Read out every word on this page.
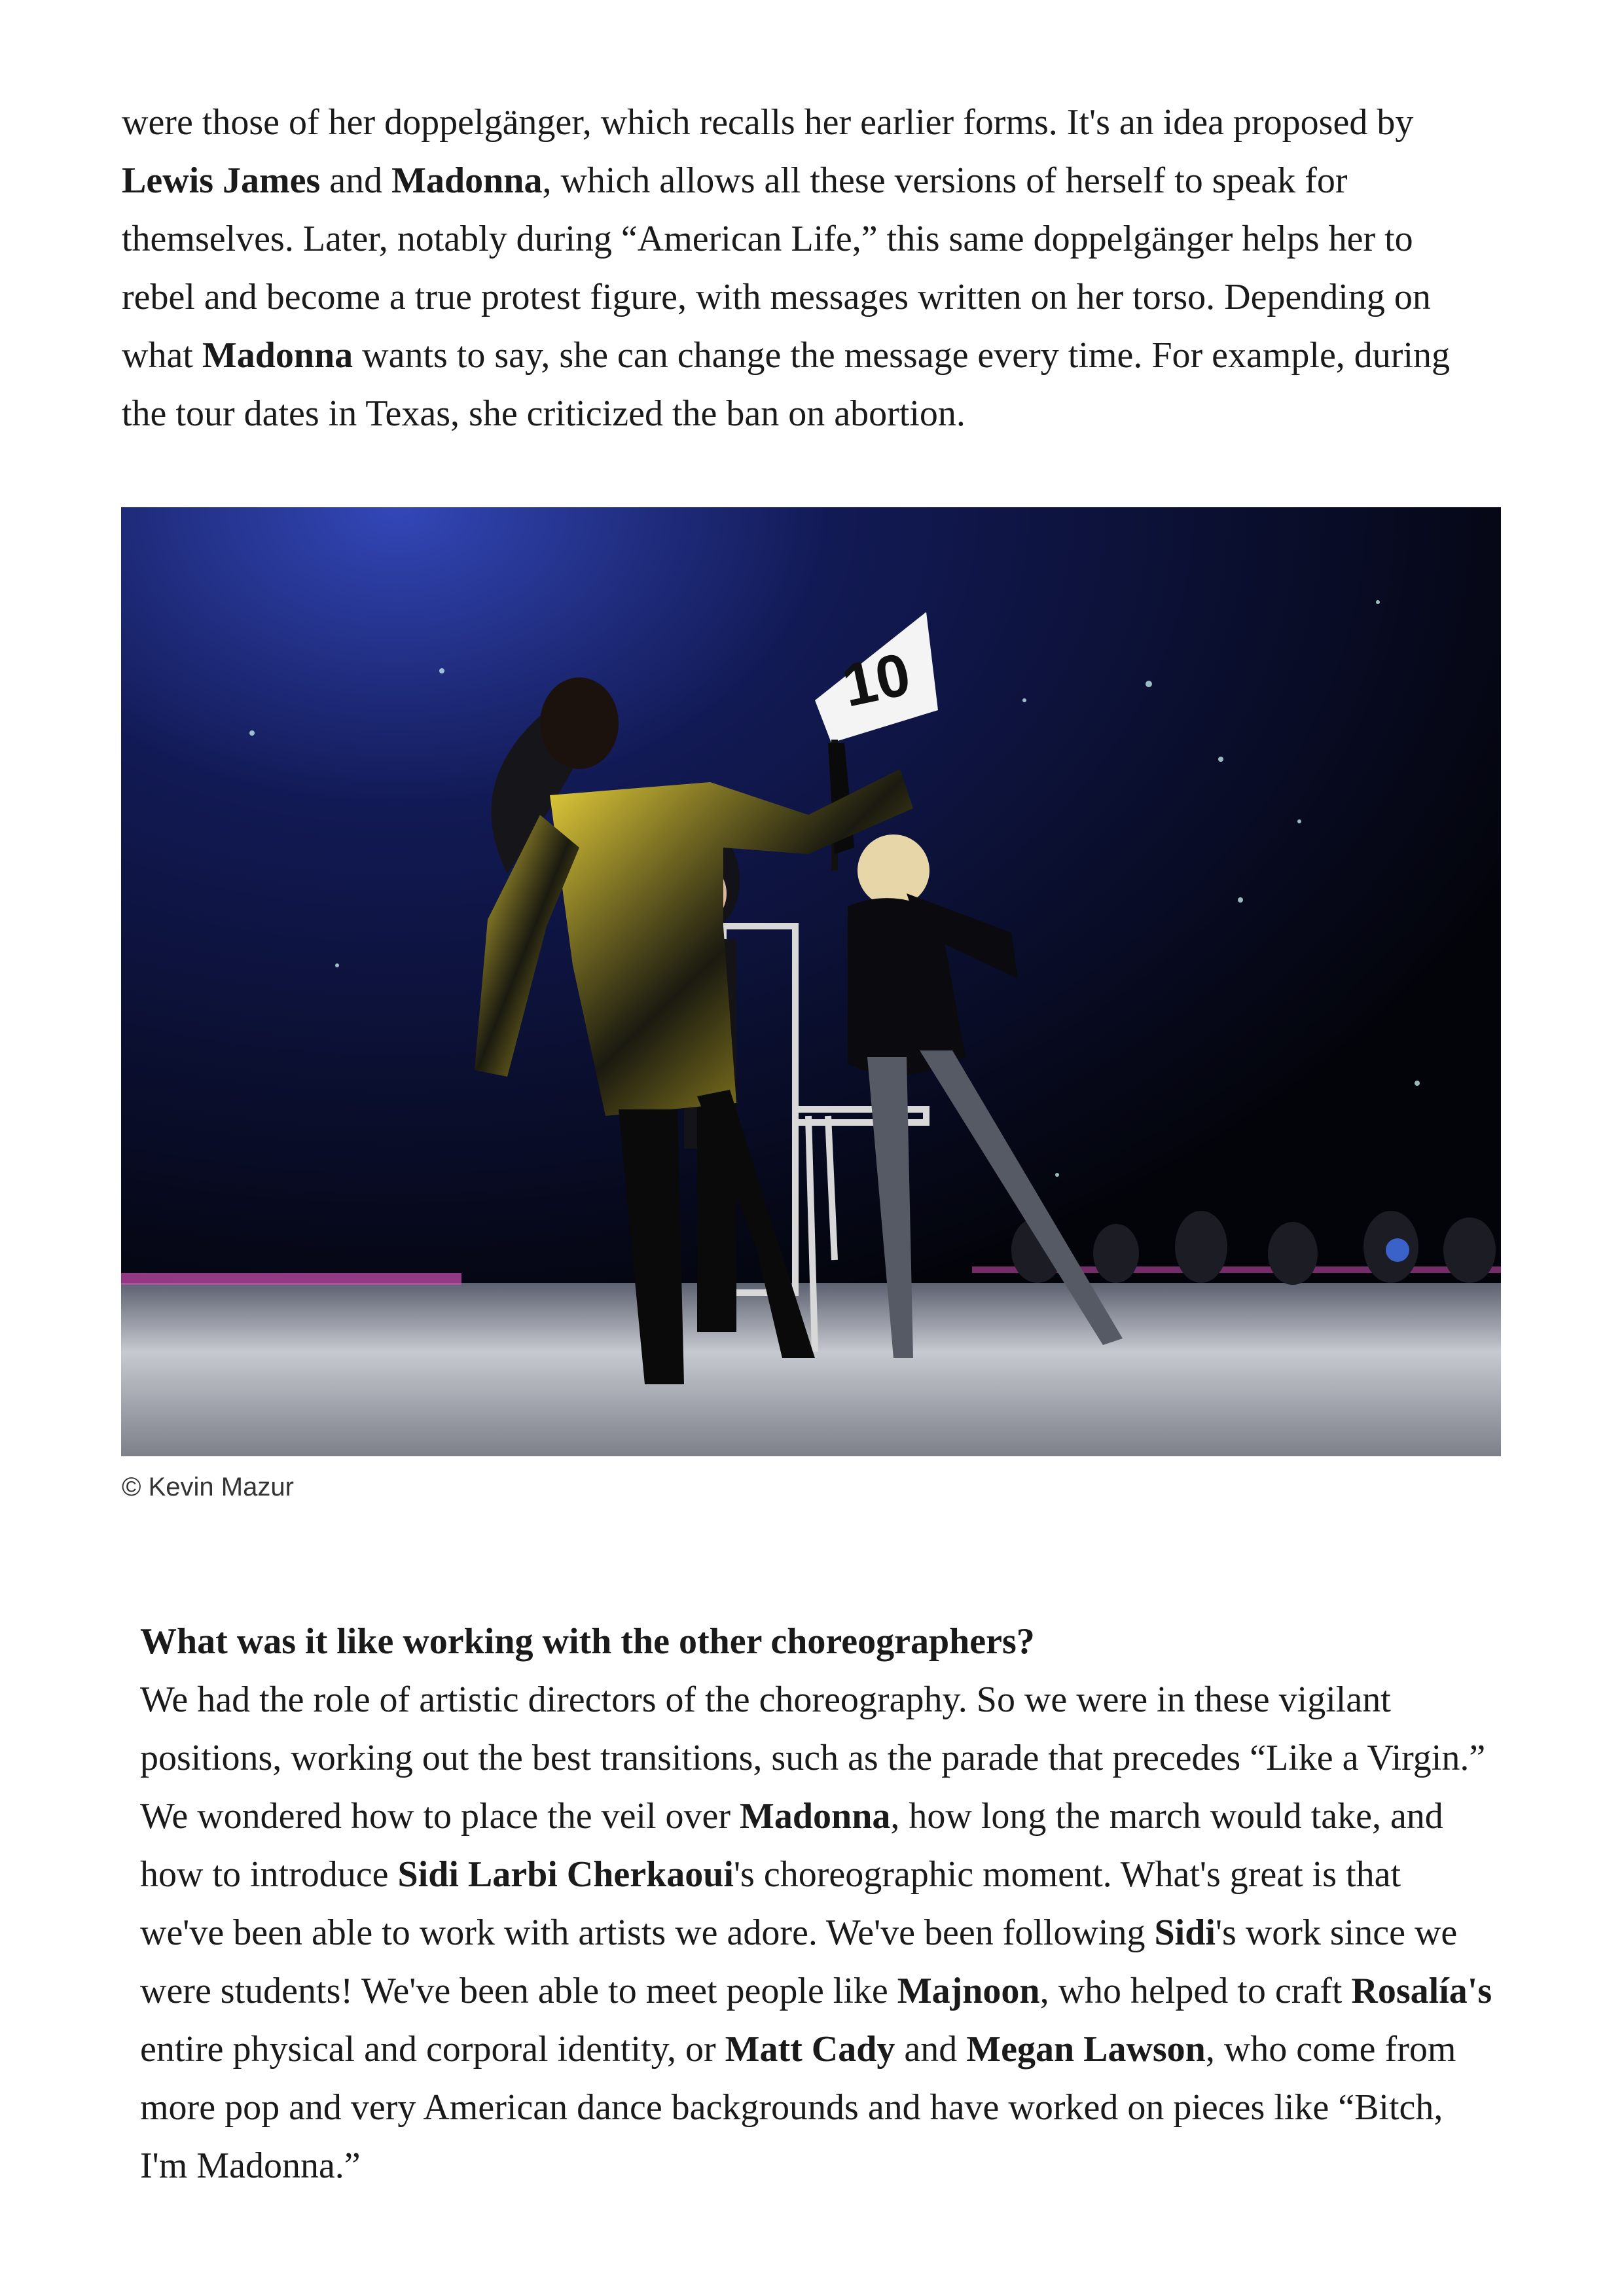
were those of her doppelgänger, which recalls her earlier forms. It's an idea proposed by
Lewis James and Madonna, which allows all these versions of herself to speak for
themselves. Later, notably during “American Life,” this same doppelgänger helps her to
rebel and become a true protest figure, with messages written on her torso. Depending on
what Madonna wants to say, she can change the message every time. For example, during
the tour dates in Texas, she criticized the ban on abortion.
10
© Kevin Mazur
What was it like working with the other choreographers?
We had the role of artistic directors of the choreography. So we were in these vigilant
positions, working out the best transitions, such as the parade that precedes “Like a Virgin.”
We wondered how to place the veil over Madonna, how long the march would take, and
how to introduce Sidi Larbi Cherkaoui's choreographic moment. What's great is that
we've been able to work with artists we adore. We've been following Sidi's work since we
were students! We've been able to meet people like Majnoon, who helped to craft Rosalía's
entire physical and corporal identity, or Matt Cady and Megan Lawson, who come from
more pop and very American dance backgrounds and have worked on pieces like “Bitch,
I'm Madonna.”
